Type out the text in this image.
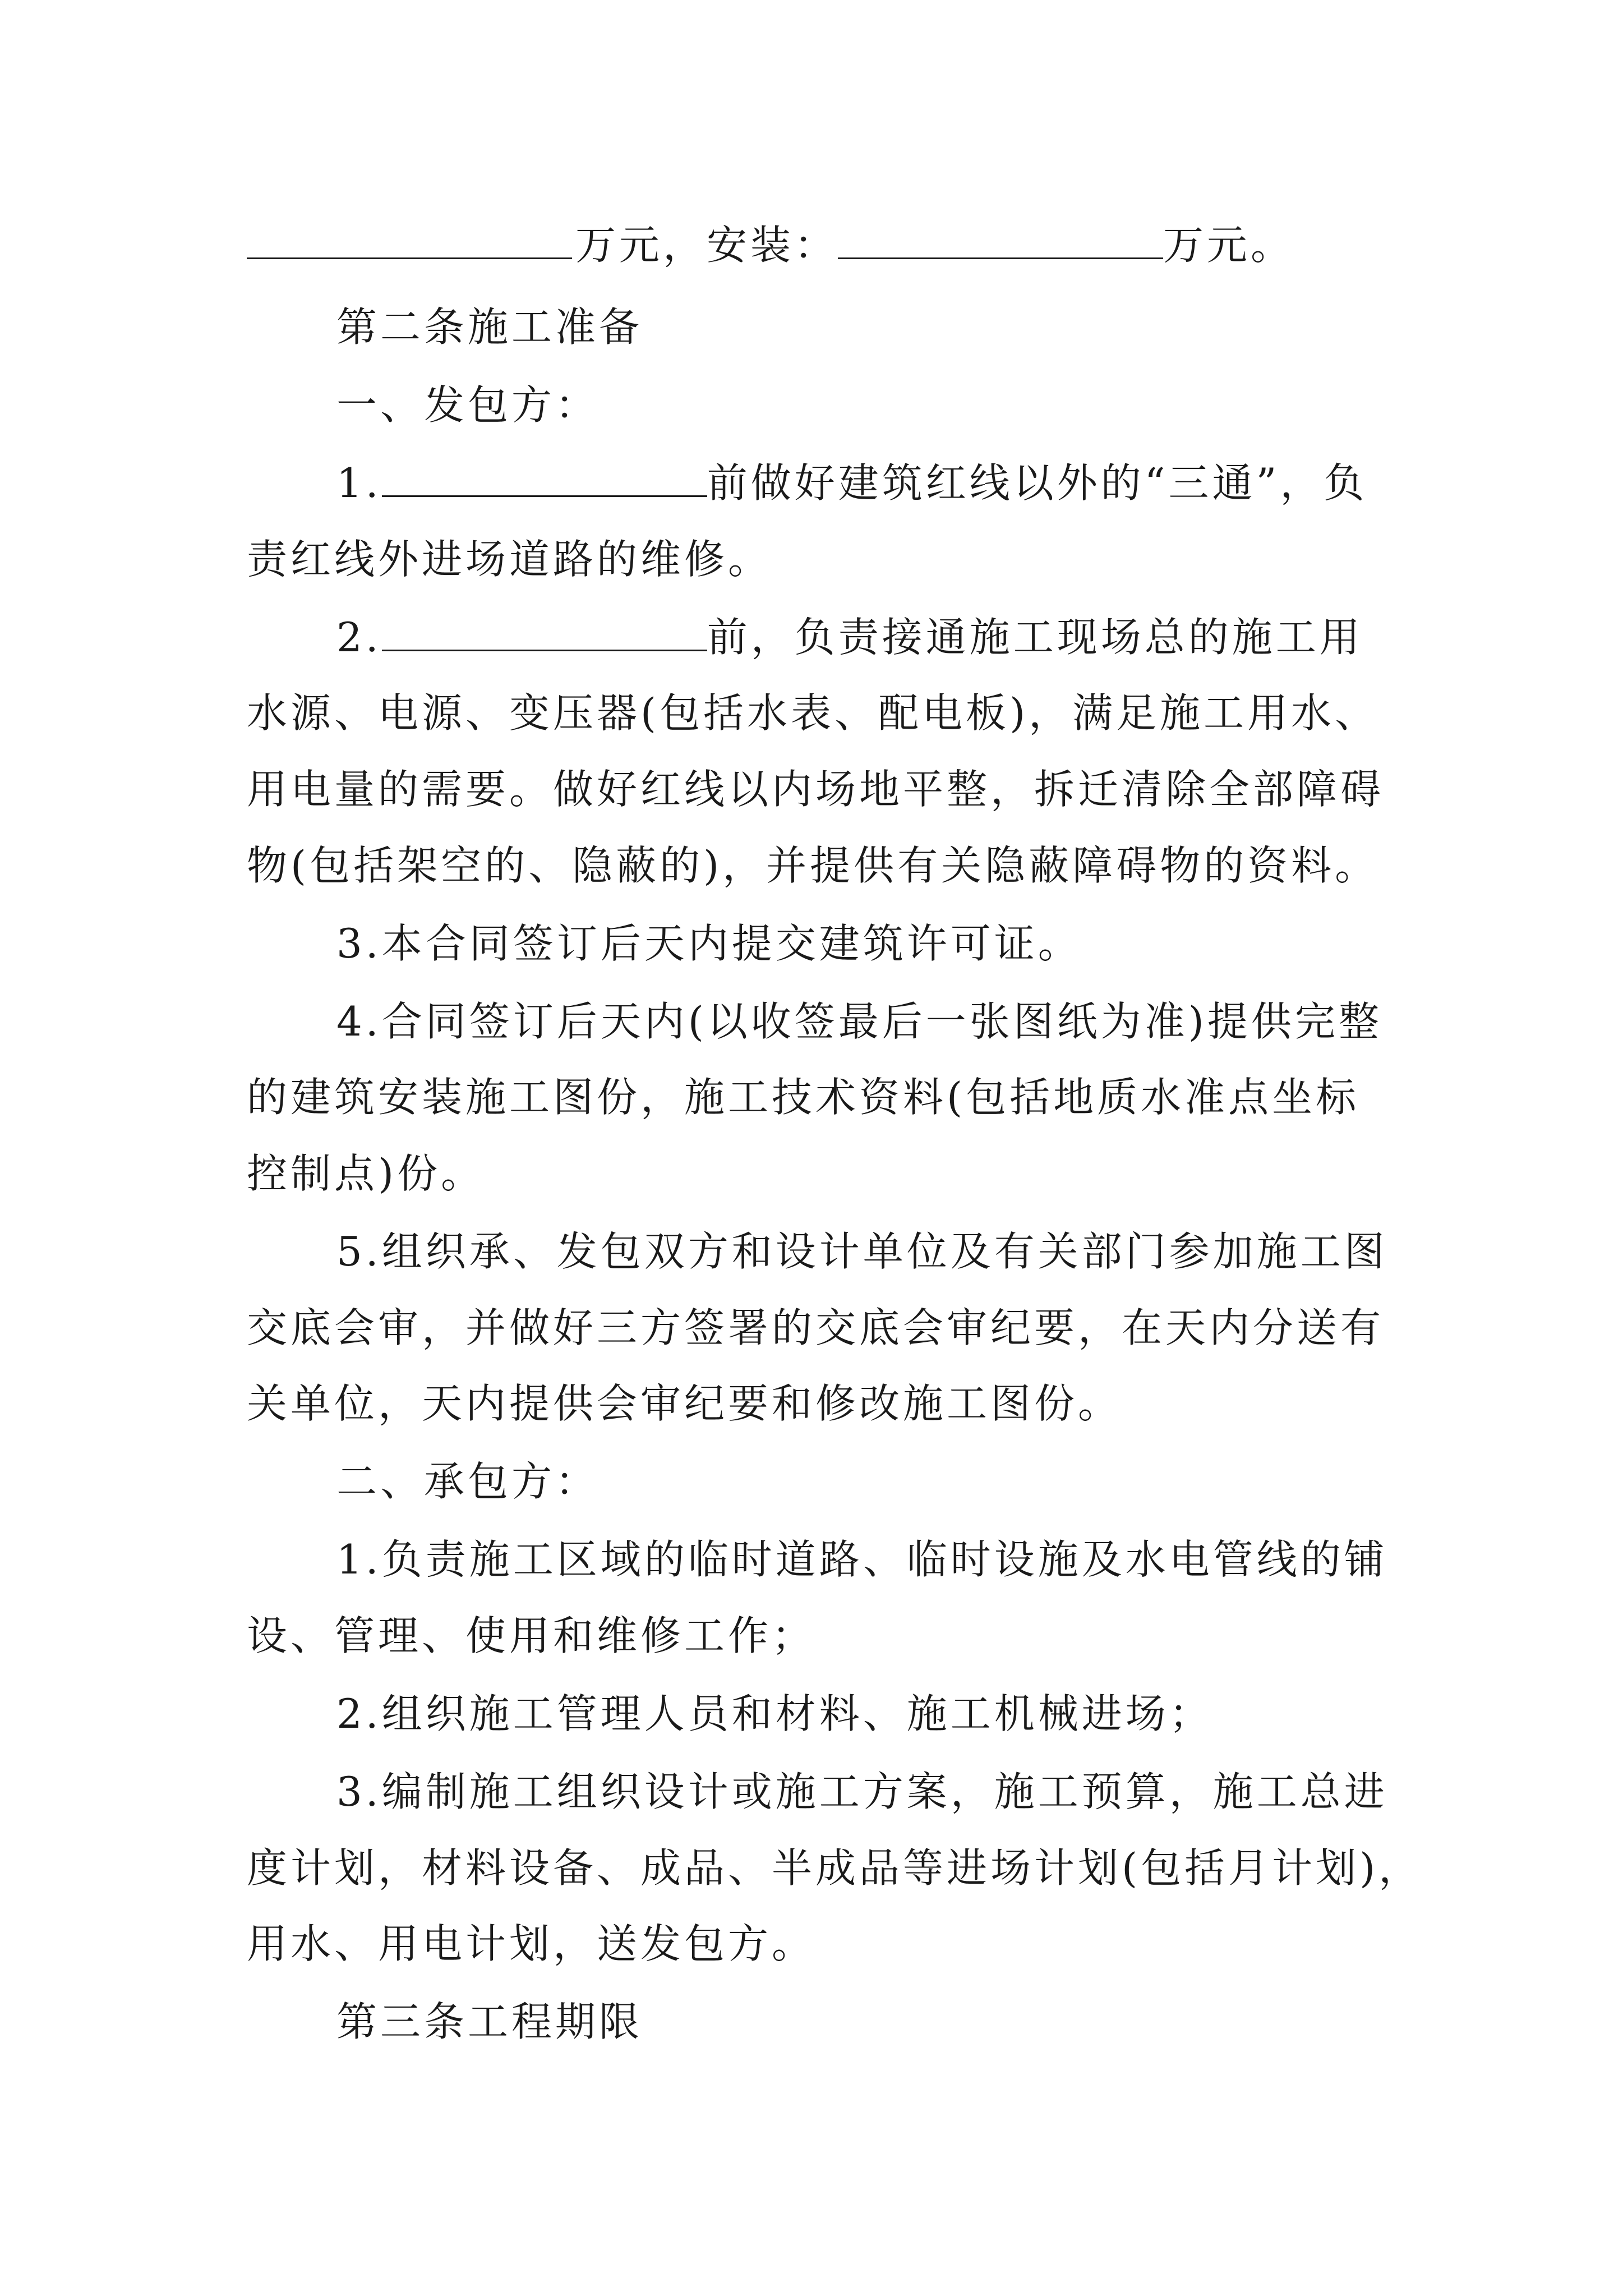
万元，安装：	万元。
第二条施工准备
一、发包方：
1.	前做好建筑红线以外的“三通”，负
责红线外进场道路的维修。
2.	前，负责接通施工现场总的施工用
水源、电源、变压器(包括水表、配电板)，满足施工用水、
用电量的需要。做好红线以内场地平整，拆迁清除全部障碍
物(包括架空的、隐蔽的)，并提供有关隐蔽障碍物的资料。
3.本合同签订后天内提交建筑许可证。
4.合同签订后天内(以收签最后一张图纸为准)提供完整
的建筑安装施工图份，施工技术资料(包括地质水准点坐标
控制点)份。
5.组织承、发包双方和设计单位及有关部门参加施工图
交底会审，并做好三方签署的交底会审纪要，在天内分送有
关单位，天内提供会审纪要和修改施工图份。
二、承包方：
1.负责施工区域的临时道路、临时设施及水电管线的铺
设、管理、使用和维修工作；
2.组织施工管理人员和材料、施工机械进场；
3.编制施工组织设计或施工方案，施工预算，施工总进
度计划，材料设备、成品、半成品等进场计划(包括月计划)，
用水、用电计划，送发包方。
第三条工程期限
